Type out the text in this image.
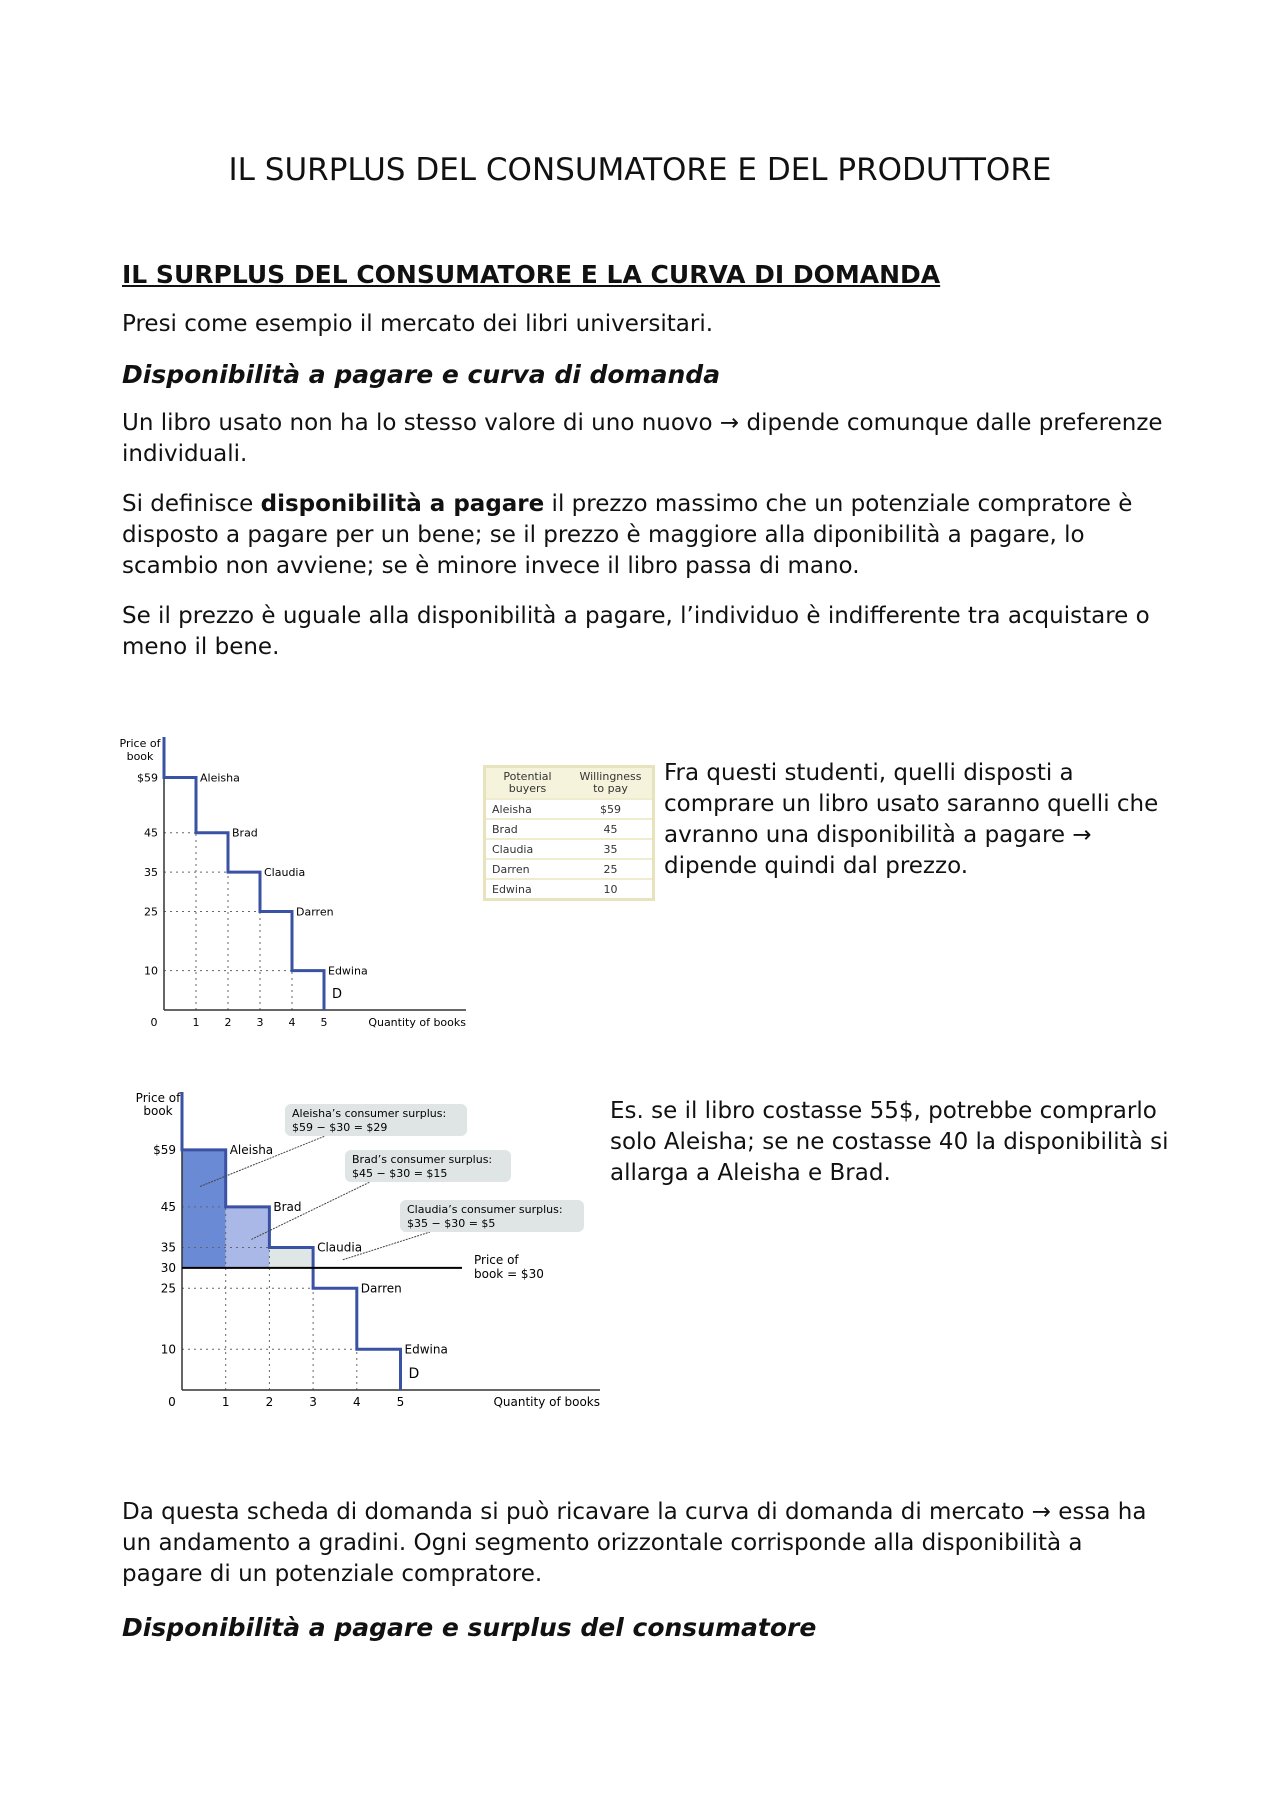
IL SURPLUS DEL CONSUMATORE E DEL PRODUTTORE
IL SURPLUS DEL CONSUMATORE E LA CURVA DI DOMANDA
Presi come esempio il mercato dei libri universitari.
Disponibilità a pagare e curva di domanda
Un libro usato non ha lo stesso valore di uno nuovo → dipende comunque dalle preferenze individuali.
Si definisce disponibilità a pagare il prezzo massimo che un potenziale compratore è disposto a pagare per un bene; se il prezzo è maggiore alla diponibilità a pagare, lo scambio non avviene; se è minore invece il libro passa di mano.
Se il prezzo è uguale alla disponibilità a pagare, l’individuo è indifferente tra acquistare o meno il bene.
Aleisha
Brad
Claudia
Darren
Edwina
$59
45
35
25
10
0	1 2 3 4 5	Quantity of books
Price of
book
D
Price of
book = $30
Aleisha
Brad
Claudia
Darren
Edwina
$59
45
35
30
25
10
0	1	2	3	4	5	Quantity of books
Price of
book
D
Aleisha’s consumer surplus:
$59 − $30 = $29
Brad’s consumer surplus:
$45 − $30 = $15
Claudia’s consumer surplus:
$35 − $30 = $5
Potential buyers	Willingness to pay
Aleisha	$59
Brad	45
Claudia	35
Darren	25
Edwina	10
Fra questi studenti, quelli disposti a comprare un libro usato saranno quelli che avranno una disponibilità a pagare → dipende quindi dal prezzo.
Es. se il libro costasse 55$, potrebbe comprarlo solo Aleisha; se ne costasse 40 la disponibilità si allarga a Aleisha e Brad.
Da questa scheda di domanda si può ricavare la curva di domanda di mercato → essa ha un andamento a gradini. Ogni segmento orizzontale corrisponde alla disponibilità a pagare di un potenziale compratore.
Disponibilità a pagare e surplus del consumatore
